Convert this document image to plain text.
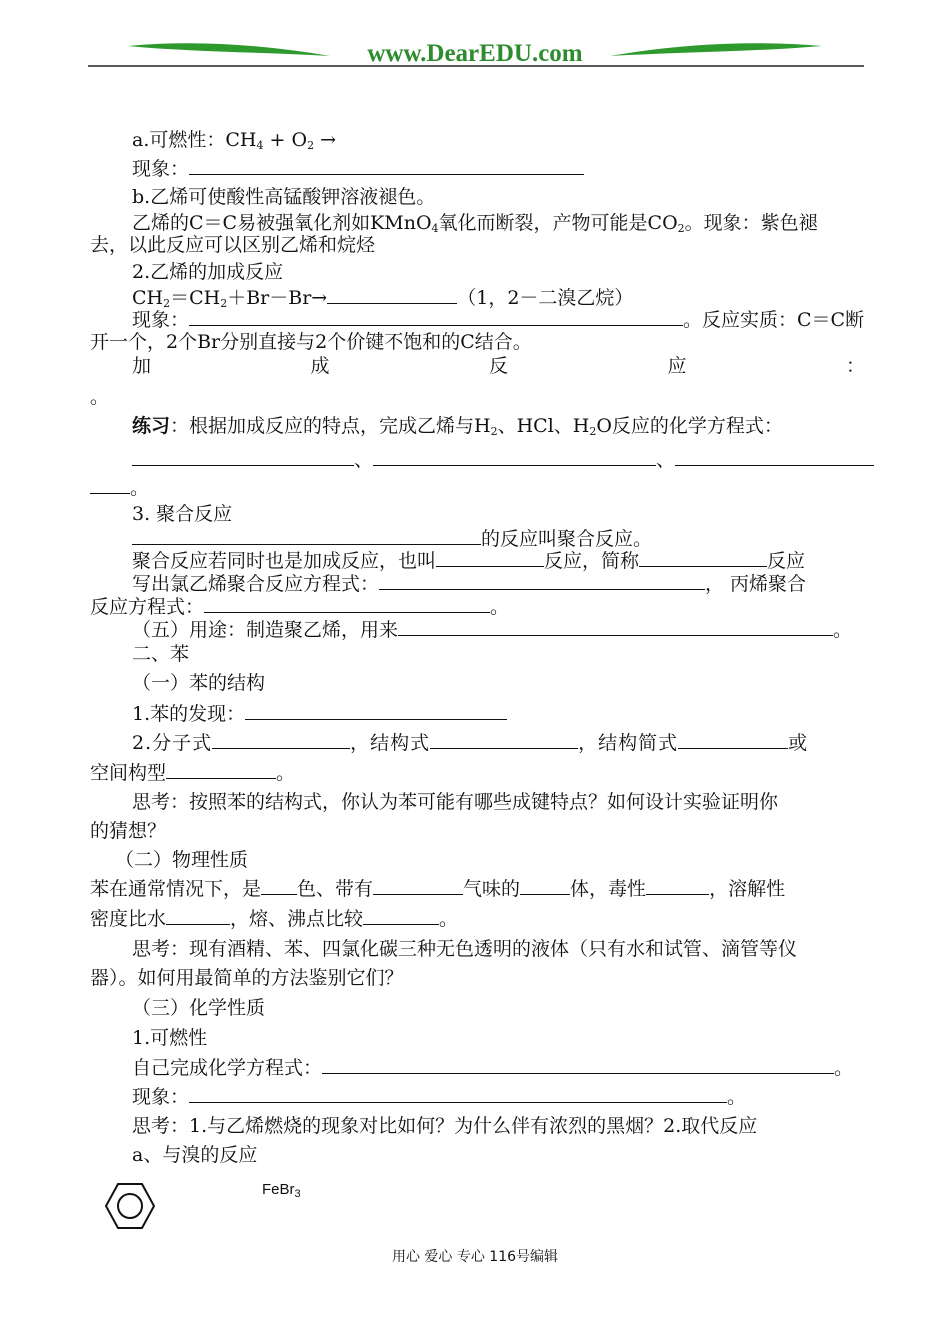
www.DearEDU.com
a.可燃性：$CH_4 + O_2$ →
现象：
b.乙烯可使酸性高锰酸钾溶液褪色。
乙烯的C＝C易被强氧化剂如KMnO$_4$氧化而断裂，产物可能是$CO_2$。现象：紫色褪
去，以此反应可以区别乙烯和烷烃
2.乙烯的加成反应
$CH_2=CH_2+Br-Br\to$	（1，2－二溴乙烷）
现象：	。反应实质：C＝C断
开一个，2个Br分别直接与2个价键不饱和的C结合。
加	成	反	应	：
。
练习：根据加成反应的特点，完成乙烯与$H_2$、HCl、$H_2O$反应的化学方程式：
、	、
。
3. 聚合反应
的反应叫聚合反应。
聚合反应若同时也是加成反应，也叫	反应，简称	反应
写出氯乙烯聚合反应方程式：	， 丙烯聚合
反应方程式：	。
（五）用途：制造聚乙烯，用来	。
二、苯
（一）苯的结构
1.苯的发现：
2.分子式	，结构式	，结构简式	或
空间构型	。
思考：按照苯的结构式，你认为苯可能有哪些成键特点？如何设计实验证明你
的猜想？
（二）物理性质
苯在通常情况下，是 色、带有	气味的	体，毒性	，溶解性
密度比水	，熔、沸点比较	。
思考：现有酒精、苯、四氯化碳三种无色透明的液体（只有水和试管、滴管等仪
器）。如何用最简单的方法鉴别它们？
（三）化学性质
1.可燃性
自己完成化学方程式：	。
现象：	。
思考：1.与乙烯燃烧的现象对比如何？为什么伴有浓烈的黑烟？2.取代反应
a、与溴的反应
FeBr$_3$
用心 爱心 专心 116号编辑
